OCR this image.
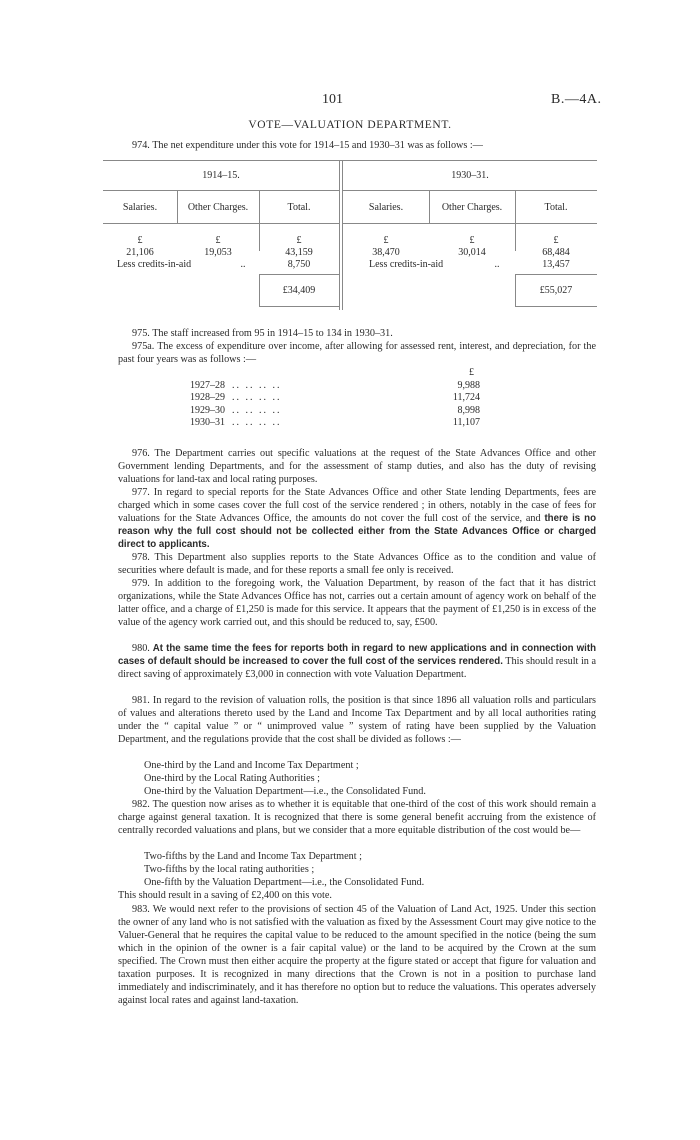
101	B.—4A.
VOTE—VALUATION DEPARTMENT.

974. The net expenditure under this vote for 1914–15 and 1930–31 was as follows :—

1914–15.	1930–31.
Salaries.	Other Charges.	Total.	Salaries.	Other Charges.	Total.
£	£	£	£	£	£
21,106	19,053	43,159	38,470	30,014	68,484
Less credits-in-aid	..	8,750	Less credits-in-aid	..	13,457
£34,409	£55,027

975. The staff increased from 95 in 1914–15 to 134 in 1930–31.

975a. The excess of expenditure over income, after allowing for assessed rent, interest, and depreciation, for the past four years was as follows :—

£
1927–28 .. .. .. ..	9,988
1928–29 .. .. .. ..	11,724
1929–30 .. .. .. ..	8,998
1930–31 .. .. .. ..	11,107

976. The Department carries out specific valuations at the request of the State Advances Office and other Government lending Departments, and for the assessment of stamp duties, and also has the duty of revising valuations for land-tax and local rating purposes.

977. In regard to special reports for the State Advances Office and other State lending Departments, fees are charged which in some cases cover the full cost of the service rendered ; in others, notably in the case of fees for valuations for the State Advances Office, the amounts do not cover the full cost of the service, and there is no reason why the full cost should not be collected either from the State Advances Office or charged direct to applicants.

978. This Department also supplies reports to the State Advances Office as to the condition and value of securities where default is made, and for these reports a small fee only is received.

979. In addition to the foregoing work, the Valuation Department, by reason of the fact that it has district organizations, while the State Advances Office has not, carries out a certain amount of agency work on behalf of the latter office, and a charge of £1,250 is made for this service. It appears that the payment of £1,250 is in excess of the value of the agency work carried out, and this should be reduced to, say, £500.

980. At the same time the fees for reports both in regard to new applications and in connection with cases of default should be increased to cover the full cost of the services rendered. This should result in a direct saving of approximately £3,000 in connection with vote Valuation Department.

981. In regard to the revision of valuation rolls, the position is that since 1896 all valuation rolls and particulars of values and alterations thereto used by the Land and Income Tax Department and by all local authorities rating under the “ capital value ” or “ unimproved value ” system of rating have been supplied by the Valuation Department, and the regulations provide that the cost shall be divided as follows :—

One-third by the Land and Income Tax Department ;
One-third by the Local Rating Authorities ;
One-third by the Valuation Department—i.e., the Consolidated Fund.

982. The question now arises as to whether it is equitable that one-third of the cost of this work should remain a charge against general taxation. It is recognized that there is some general benefit accruing from the existence of centrally recorded valuations and plans, but we consider that a more equitable distribution of the cost would be—

Two-fifths by the Land and Income Tax Department ;
Two-fifths by the local rating authorities ;
One-fifth by the Valuation Department—i.e., the Consolidated Fund.

This should result in a saving of £2,400 on this vote.

983. We would next refer to the provisions of section 45 of the Valuation of Land Act, 1925. Under this section the owner of any land who is not satisfied with the valuation as fixed by the Assessment Court may give notice to the Valuer-General that he requires the capital value to be reduced to the amount specified in the notice (being the sum which in the opinion of the owner is a fair capital value) or the land to be acquired by the Crown at the sum specified. The Crown must then either acquire the property at the figure stated or accept that figure for valuation and taxation purposes. It is recognized in many directions that the Crown is not in a position to purchase land immediately and indiscriminately, and it has therefore no option but to reduce the valuations. This operates adversely against local rates and against land-taxation.
